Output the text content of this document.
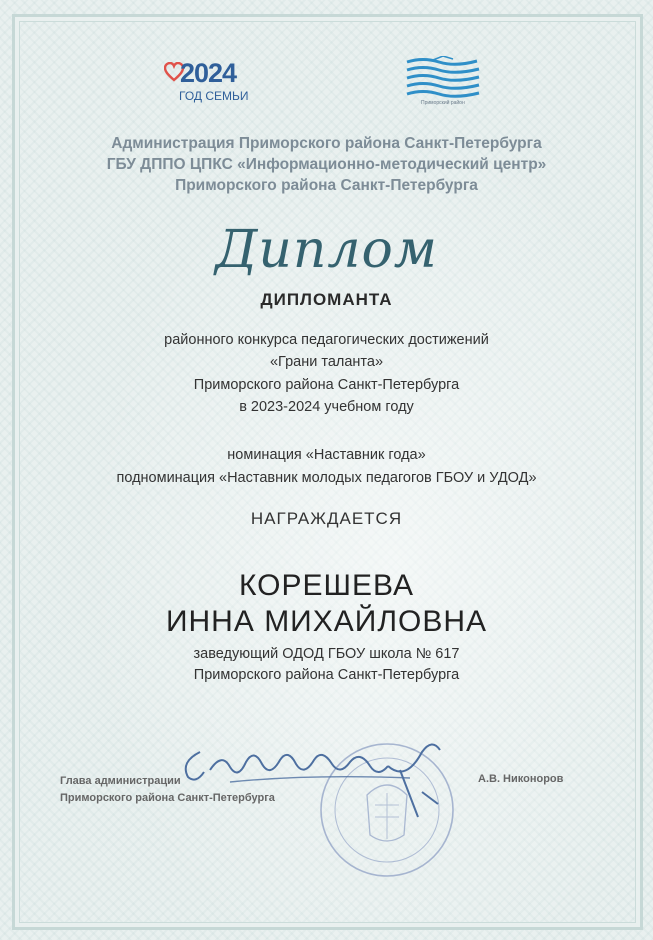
2024
ГОД СЕМЬИ	Приморский район
Администрация Приморского района Санкт-Петербурга
ГБУ ДППО ЦПКС «Информационно-методический центр»
Приморского района Санкт-Петербурга
Диплом
ДИПЛОМАНТА
районного конкурса педагогических достижений
«Грани таланта»
Приморского района Санкт-Петербурга
в 2023-2024 учебном году
номинация «Наставник года»
подноминация «Наставник молодых педагогов ГБОУ и УДОД»
НАГРАЖДАЕТСЯ
КОРЕШЕВА
ИННА МИХАЙЛОВНА
заведующий ОДОД ГБОУ школа № 617
Приморского района Санкт-Петербурга
Глава администрации
Приморского района Санкт-Петербурга
А.В. Никоноров
